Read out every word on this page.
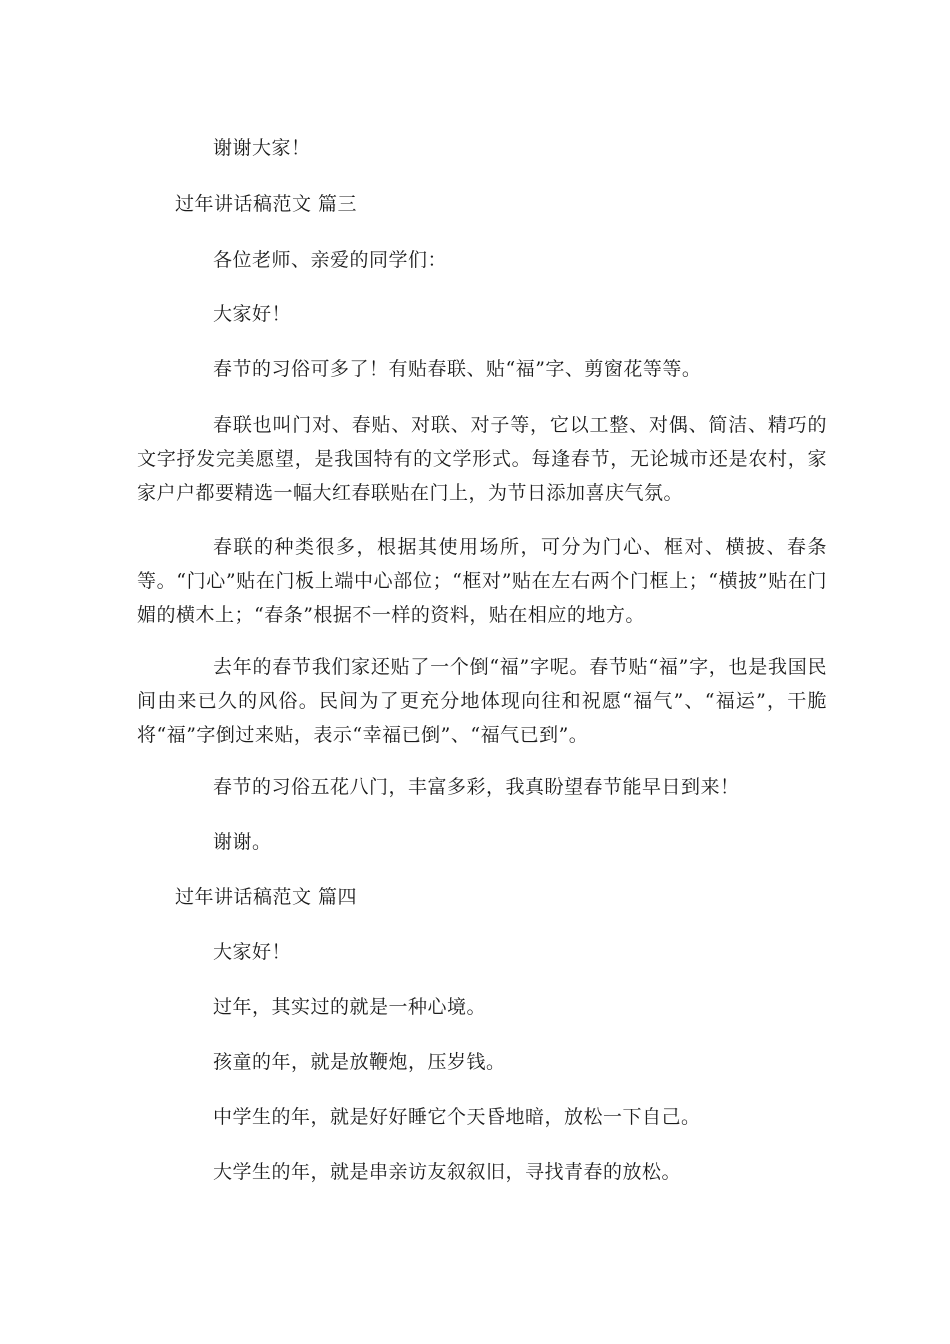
谢谢大家！
过年讲话稿范文 篇三
各位老师、亲爱的同学们：
大家好！
春节的习俗可多了！有贴春联、贴“福”字、剪窗花等等。
春联也叫门对、春贴、对联、对子等，它以工整、对偶、简洁、精巧的文字抒发完美愿望，是我国特有的文学形式。每逢春节，无论城市还是农村，家家户户都要精选一幅大红春联贴在门上，为节日添加喜庆气氛。
春联的种类很多，根据其使用场所，可分为门心、框对、横披、春条等。“门心”贴在门板上端中心部位；“框对”贴在左右两个门框上；“横披”贴在门媚的横木上；“春条”根据不一样的资料，贴在相应的地方。
去年的春节我们家还贴了一个倒“福”字呢。春节贴“福”字，也是我国民间由来已久的风俗。民间为了更充分地体现向往和祝愿“福气”、“福运”，干脆将“福”字倒过来贴，表示“幸福已倒”、“福气已到”。
春节的习俗五花八门，丰富多彩，我真盼望春节能早日到来！
谢谢。
过年讲话稿范文 篇四
大家好！
过年，其实过的就是一种心境。
孩童的年，就是放鞭炮，压岁钱。
中学生的年，就是好好睡它个天昏地暗，放松一下自己。
大学生的年，就是串亲访友叙叙旧，寻找青春的放松。
